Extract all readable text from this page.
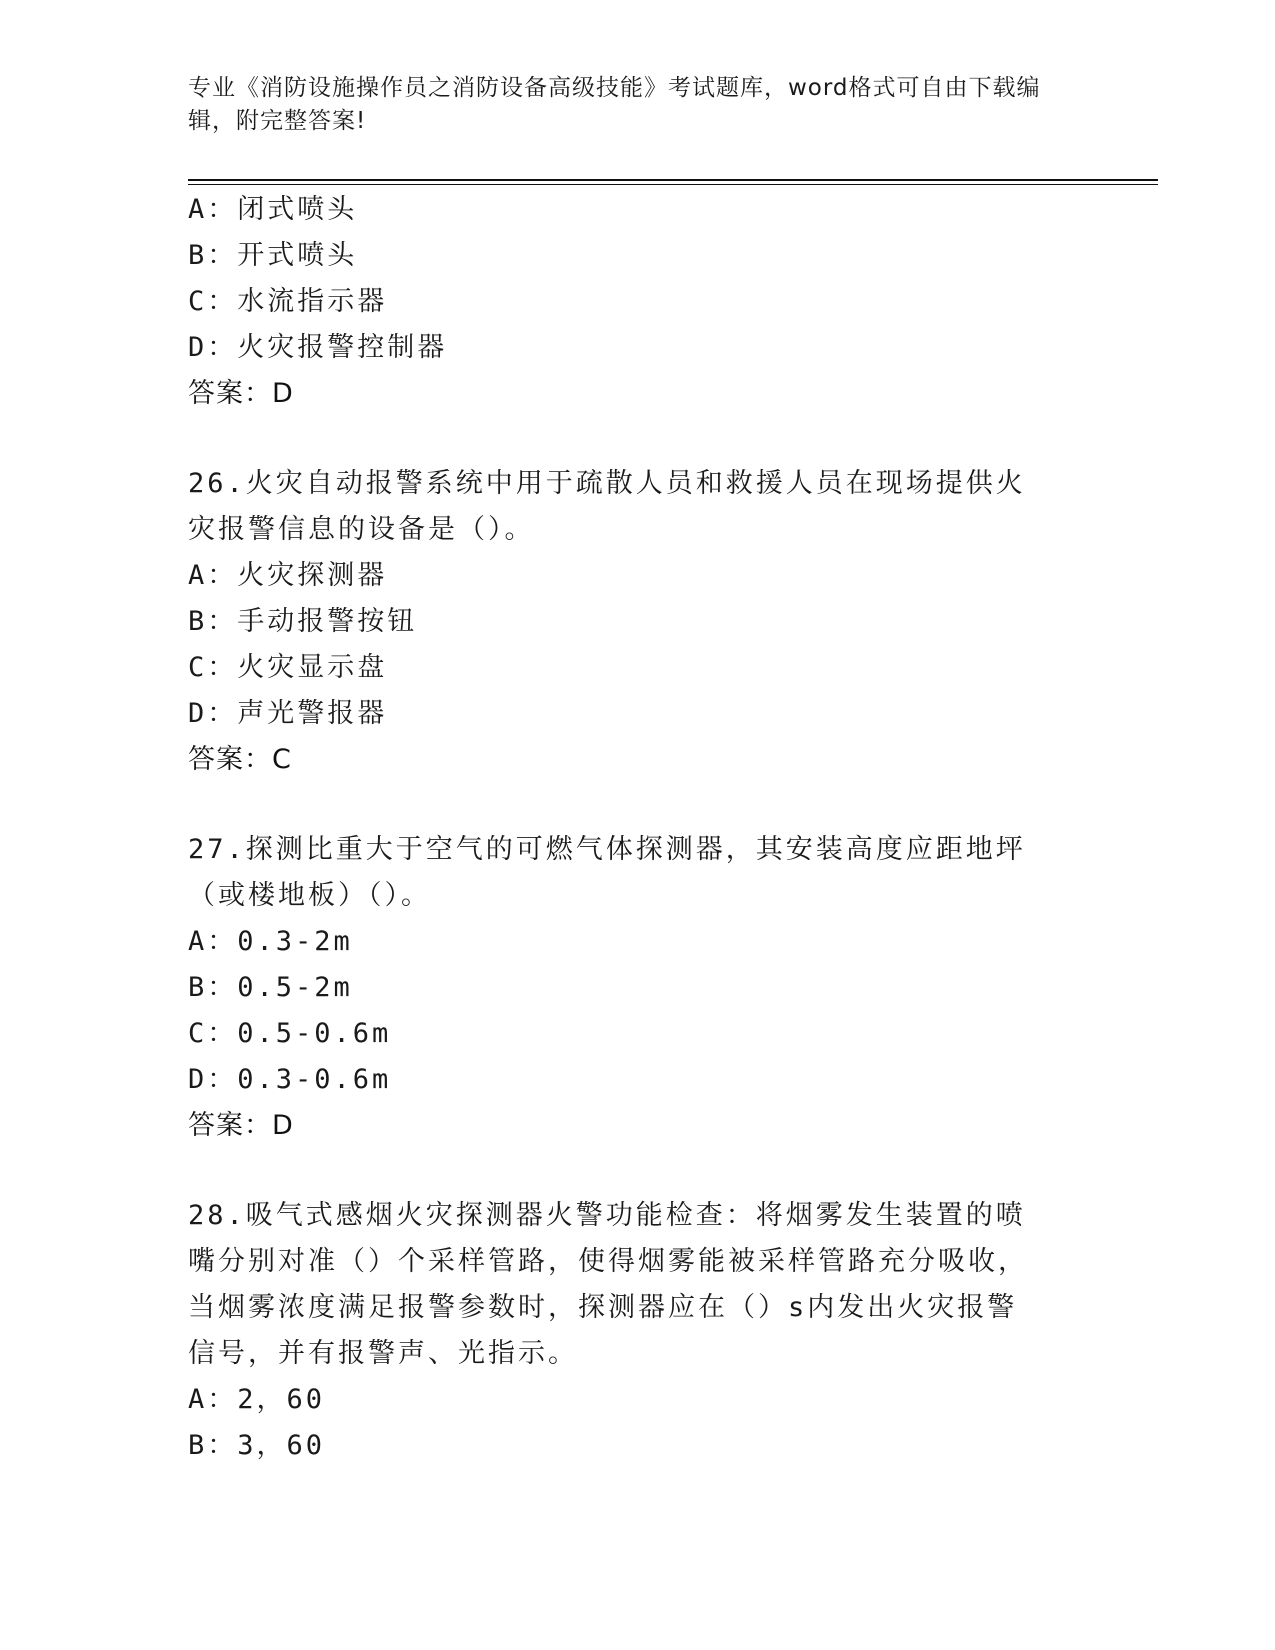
专业《消防设施操作员之消防设备高级技能》考试题库，word格式可自由下载编辑，附完整答案!
A：闭式喷头
B：开式喷头
C：水流指示器
D：火灾报警控制器
答案：D
26.火灾自动报警系统中用于疏散人员和救援人员在现场提供火灾报警信息的设备是（）。
A：火灾探测器
B：手动报警按钮
C：火灾显示盘
D：声光警报器
答案：C
27.探测比重大于空气的可燃气体探测器，其安装高度应距地坪（或楼地板）（）。
A：0.3-2m
B：0.5-2m
C：0.5-0.6m
D：0.3-0.6m
答案：D
28.吸气式感烟火灾探测器火警功能检查：将烟雾发生装置的喷嘴分别对准（）个采样管路，使得烟雾能被采样管路充分吸收，当烟雾浓度满足报警参数时，探测器应在（）s内发出火灾报警信号，并有报警声、光指示。
A：2，60
B：3，60
